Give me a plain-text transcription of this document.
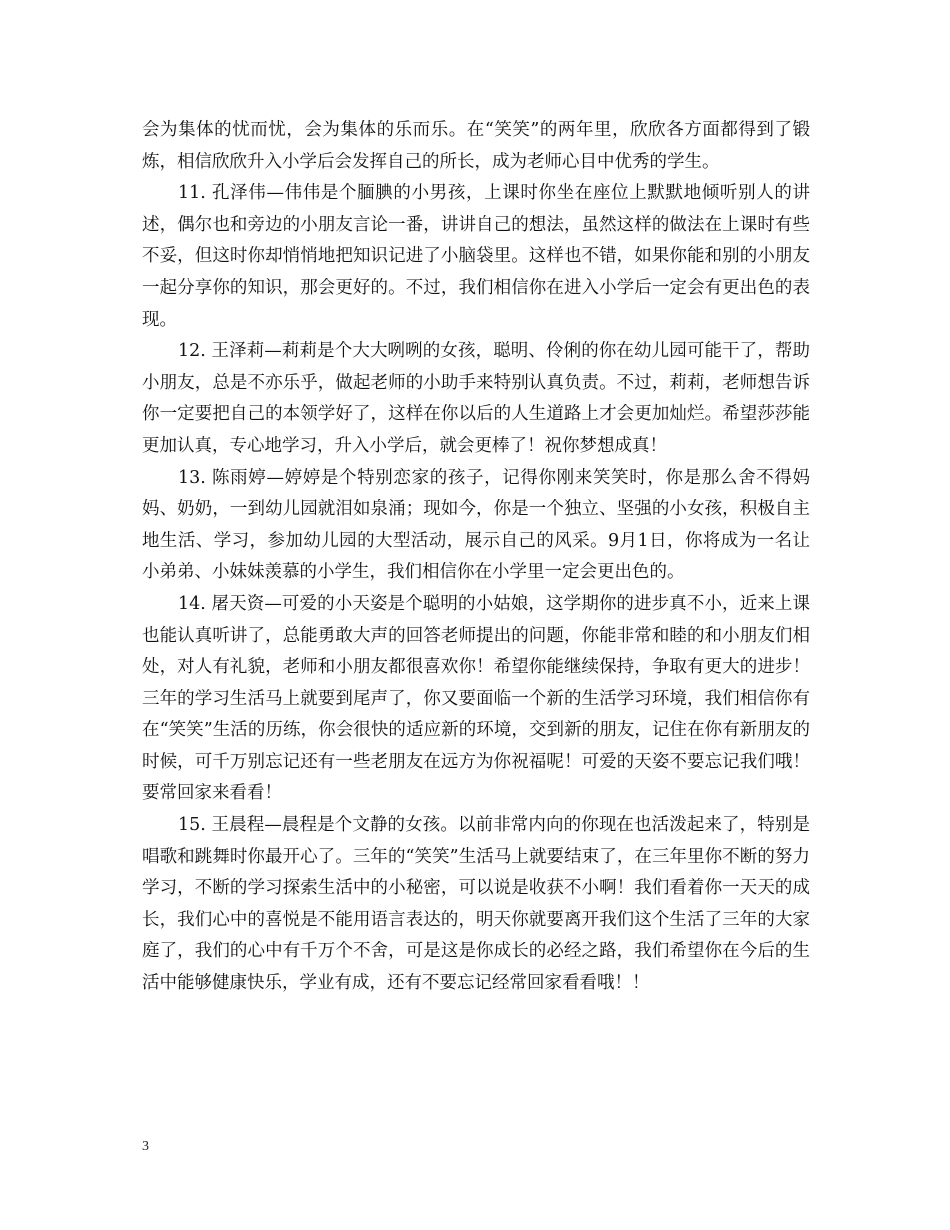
会为集体的忧而忧，会为集体的乐而乐。在“笑笑”的两年里，欣欣各方面都得到了锻炼，相信欣欣升入小学后会发挥自己的所长，成为老师心目中优秀的学生。

11. 孔泽伟—伟伟是个腼腆的小男孩，上课时你坐在座位上默默地倾听别人的讲述，偶尔也和旁边的小朋友言论一番，讲讲自己的想法，虽然这样的做法在上课时有些不妥，但这时你却悄悄地把知识记进了小脑袋里。这样也不错，如果你能和别的小朋友一起分享你的知识，那会更好的。不过，我们相信你在进入小学后一定会有更出色的表现。

12. 王泽莉—莉莉是个大大咧咧的女孩，聪明、伶俐的你在幼儿园可能干了，帮助小朋友，总是不亦乐乎，做起老师的小助手来特别认真负责。不过，莉莉，老师想告诉你一定要把自己的本领学好了，这样在你以后的人生道路上才会更加灿烂。希望莎莎能更加认真，专心地学习，升入小学后，就会更棒了！祝你梦想成真！

13. 陈雨婷—婷婷是个特别恋家的孩子，记得你刚来笑笑时，你是那么舍不得妈妈、奶奶，一到幼儿园就泪如泉涌；现如今，你是一个独立、坚强的小女孩，积极自主地生活、学习，参加幼儿园的大型活动，展示自己的风采。9月1日，你将成为一名让小弟弟、小妹妹羡慕的小学生，我们相信你在小学里一定会更出色的。

14. 屠天资—可爱的小天姿是个聪明的小姑娘，这学期你的进步真不小，近来上课也能认真听讲了，总能勇敢大声的回答老师提出的问题，你能非常和睦的和小朋友们相处，对人有礼貌，老师和小朋友都很喜欢你！希望你能继续保持，争取有更大的进步！三年的学习生活马上就要到尾声了，你又要面临一个新的生活学习环境，我们相信你有在“笑笑”生活的历练，你会很快的适应新的环境，交到新的朋友，记住在你有新朋友的时候，可千万别忘记还有一些老朋友在远方为你祝福呢！可爱的天姿不要忘记我们哦！要常回家来看看！

15. 王晨程—晨程是个文静的女孩。以前非常内向的你现在也活泼起来了，特别是唱歌和跳舞时你最开心了。三年的“笑笑”生活马上就要结束了，在三年里你不断的努力学习，不断的学习探索生活中的小秘密，可以说是收获不小啊！我们看着你一天天的成长，我们心中的喜悦是不能用语言表达的，明天你就要离开我们这个生活了三年的大家庭了，我们的心中有千万个不舍，可是这是你成长的必经之路，我们希望你在今后的生活中能够健康快乐，学业有成，还有不要忘记经常回家看看哦！！

3
